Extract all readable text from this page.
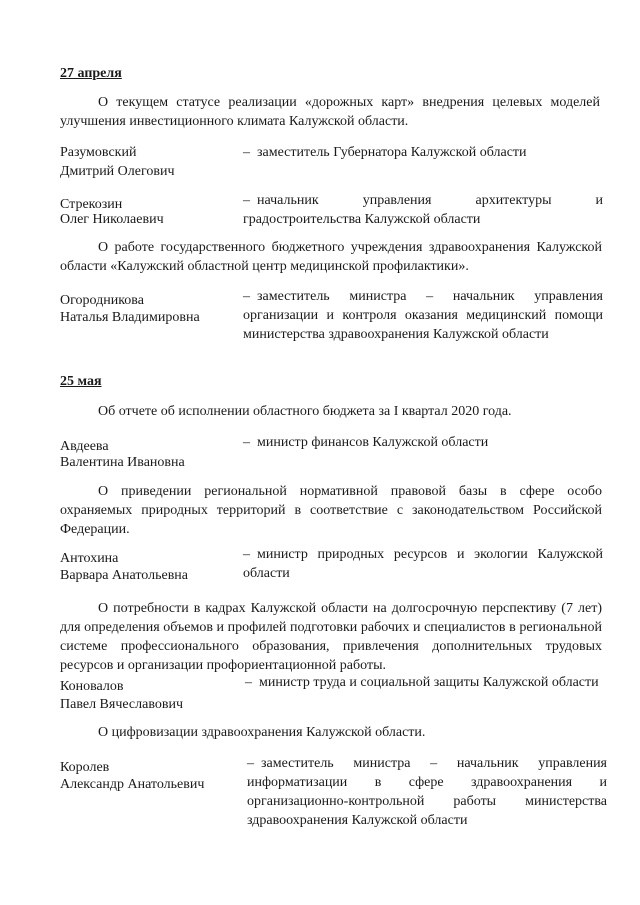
27 апреля
О текущем статусе реализации «дорожных карт» внедрения целевых моделей улучшения инвестиционного климата Калужской области.
Разумовский
Дмитрий Олегович
– заместитель Губернатора Калужской области
Стрекозин
Олег Николаевич
– начальник управления архитектуры и градостроительства Калужской области
О работе государственного бюджетного учреждения здравоохранения Калужской области «Калужский областной центр медицинской профилактики».
Огородникова
Наталья Владимировна
– заместитель министра – начальник управления организации и контроля оказания медицинский помощи министерства здравоохранения Калужской области
25 мая
Об отчете об исполнении областного бюджета за I квартал 2020 года.
Авдеева
Валентина Ивановна
– министр финансов Калужской области
О приведении региональной нормативной правовой базы в сфере особо охраняемых природных территорий в соответствие с законодательством Российской Федерации.
Антохина
Варвара Анатольевна
– министр природных ресурсов и экологии Калужской области
О потребности в кадрах Калужской области на долгосрочную перспективу (7 лет) для определения объемов и профилей подготовки рабочих и специалистов в региональной системе профессионального образования, привлечения дополнительных трудовых ресурсов и организации профориентационной работы.
Коновалов
Павел Вячеславович
– министр труда и социальной защиты Калужской области
О цифровизации здравоохранения Калужской области.
Королев
Александр Анатольевич
– заместитель министра – начальник управления информатизации в сфере здравоохранения и организационно-контрольной работы министерства здравоохранения Калужской области
